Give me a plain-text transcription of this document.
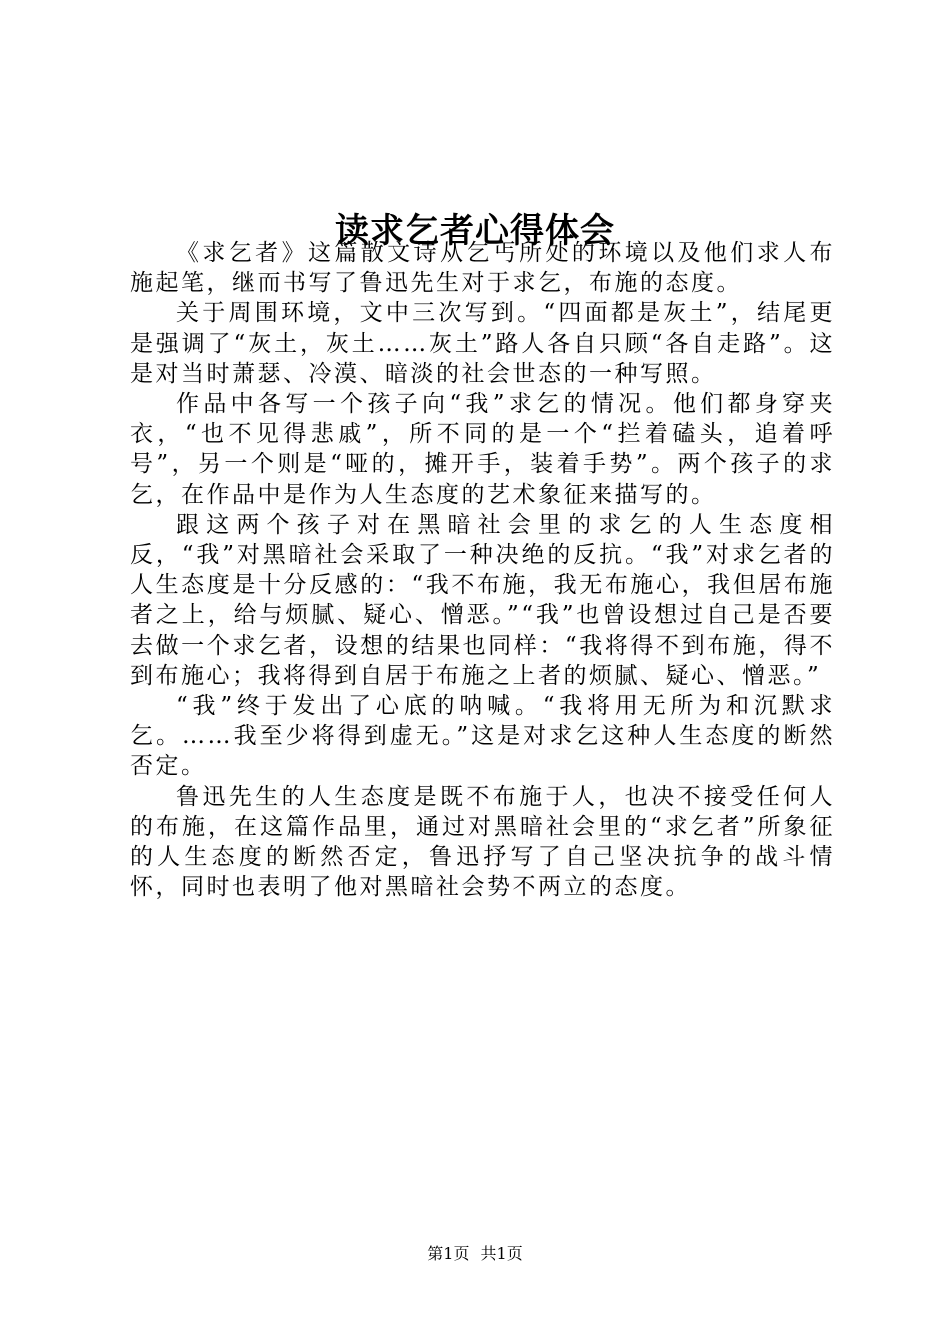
读求乞者心得体会

《求乞者》这篇散文诗从乞丐所处的环境以及他们求人布施起笔，继而书写了鲁迅先生对于求乞，布施的态度。

关于周围环境，文中三次写到。“四面都是灰土”，结尾更是强调了“灰土，灰土……灰土”路人各自只顾“各自走路”。这是对当时萧瑟、冷漠、暗淡的社会世态的一种写照。

作品中各写一个孩子向“我”求乞的情况。他们都身穿夹衣，“也不见得悲戚”，所不同的是一个“拦着磕头，追着呼号”，另一个则是“哑的，摊开手，装着手势”。两个孩子的求乞，在作品中是作为人生态度的艺术象征来描写的。

跟这两个孩子对在黑暗社会里的求乞的人生态度相反，“我”对黑暗社会采取了一种决绝的反抗。“我”对求乞者的人生态度是十分反感的：“我不布施，我无布施心，我但居布施者之上，给与烦腻、疑心、憎恶。”“我”也曾设想过自己是否要去做一个求乞者，设想的结果也同样：“我将得不到布施，得不到布施心；我将得到自居于布施之上者的烦腻、疑心、憎恶。”

“我”终于发出了心底的呐喊。“我将用无所为和沉默求乞。……我至少将得到虚无。”这是对求乞这种人生态度的断然否定。

鲁迅先生的人生态度是既不布施于人，也决不接受任何人的布施，在这篇作品里，通过对黑暗社会里的“求乞者”所象征的人生态度的断然否定，鲁迅抒写了自己坚决抗争的战斗情怀，同时也表明了他对黑暗社会势不两立的态度。

第1页 共1页
